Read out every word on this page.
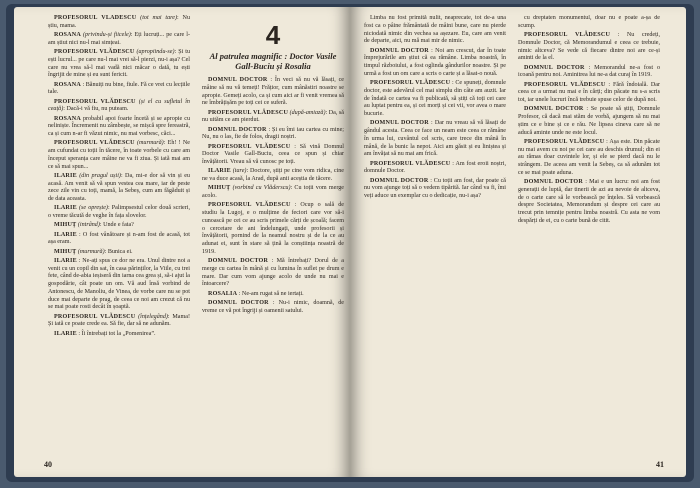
PROFESORUL VLĂDESCU (tot mai tare): Nu știu, mama.

ROSANA (privindu-și fiicele): Eți lucruți... pe care l-am știut nici nu-l mai simțeai.

PROFESORUL VLĂDESCU (apropiindu-se): Și tu ești lucrul... pe care nu-l mai vrei să-l pierzi, nu-i așa? Cel care nu vrea să-l mai vadă nici măcar o dată, tu ești îngrijit de mine și eu sunt fericit.

ROSANA : Bănuiți nu bine, fiule. Fă ce vrei cu lecțiile tale.

PROFESORUL VLĂDESCU (și el cu sufletul în ceață): Dacă-i vă fiu, nu puteam.

ROSANA probabil apoi foarte încetă și se apropie cu neliniște. Încremenit nu zâmbește, se mișcă spre fereastră, ca și cum n-ar fi văzut nimic, nu mai vorbesc, căci...

PROFESORUL VLĂDESCU (murmură): Eh! ! Ne am cufundat cu toții în tăcere, în toate vorbele cu care am început speranța care mâine ne va fi ziua. Și iată mai am ce să mai spun...

ILARIE (din pragul ușii): Da, mi-e dor să vin și eu acasă. Am venit să vă spun vestea cea mare, iar de peste zece zile vin cu toți, mamă, la Sebeș, cum am făgăduit și de data aceasta.

ILARIE (se oprește): Palimpsestul celor două scrieri, o vreme tăcută de veghe în fața slovelor.

MIHUȚ (intrând): Unde e fata?

ILARIE : O fost vânătoare și n-am fost de acasă, tot așa eram.

MIHUȚ (murmură): Bunica ei.

ILARIE : Ne-ați spus ce dor ne era. Unul dintre noi a venit cu un copil din sat, în casa părinților, la Viile, cu trei fete, când de-abia ieșiseră din iarna cea grea și, să-i ajut la gospodărie, cât poate un om. Vă aud însă vorbind de Antonescu, de Manoliu, de Vinea, de vorbe care nu se pot duce mai departe de prag, de ceea ce noi am crezut că nu se mai poate rosti decât în șoaptă.

PROFESORUL VLĂDESCU (înțelegând): Mama! Și iată ce poate crede ea. Să fie, dar să ne adunăm.

ILARIE : Îi întrebați tot la „Pomenirea”.

4
Al patrulea magnific : Doctor Vasile Gall-Buciu și Rosalia

DOMNUL DOCTOR : În veci să nu vă lăsați, ce mâine să nu vă temeți! Frățior, cum mânăstiri noastre se apropie. Gemeți acolo, ca și cum aici ar fi venit vremea să ne îmbrățișăm pe toți cei ce suferă.

PROFESORUL VLĂDESCU (după-amiază): Da, să nu uităm ce am pierdut.

DOMNUL DOCTOR : Și eu îmi iau cartea cu mine; Nu, nu o las, fie de folos, dragii noștri.

PROFESORUL VLĂDESCU : Să vină Domnul Doctor Vasile Gall-Buciu, ceea ce spun și chiar învățătorii. Vreau să vă cunosc pe toți.

ILARIE (tare): Doctore, știți pe cine vom ridica, cine ne va duce acasă, la Arad, după anii aceștia de tăcere.

MIHUȚ (vorbind cu Vlăderscu): Cu toții vom merge acolo.

PROFESORUL VLĂDESCU : Ocup o sală de studiu la Lugoj, e o mulțime de feciori care vor să-i cunoască pe cei ce au scris primele cărți de școală; facem o cercetare de ani îndelungați, unde profesorii și învățătorii, pornind de la neamul nostru și de la ce au adunat ei, sunt în stare să țină la conștiința noastră de 1919.

DOMNUL DOCTOR : Mă întrebați? Dorul de a merge cu cartea în mână și cu lumina în suflet pe drum e mare. Dar cum vom ajunge acolo de unde nu mai e întoarcere?

ROSALIA : Ne-am rugat să ne iertați.

DOMNUL DOCTOR : Nu-i nimic, doamnă, de vreme ce vă pot îngriji și oamenii satului.

40

Limba nu fost primită nulit, neaprecate, tot de-a una fost ca o pâine frământată de mâini bune, care nu pierde niciodată nimic din vechea sa așezare. Eu, care am venit de departe, aici, nu mă mai mir de nimic.

DOMNUL DOCTOR : Noi am crescut, dar în toate împrejurările am știut că ea rămâne. Limba noastră, în timpul războiului, a fost oglinda gândurilor noastre. Și pe urmă a fost un om care a scris o carte și a lăsat-o nouă.

PROFESORUL VLĂDESCU : Ce spuneți, domnule doctor, este adevărul cel mai simplu din câte am auzit. Iar de îndată ce cartea va fi publicată, să știți că toți cei care au luptat pentru ea, și cei morți și cei vii, vor avea o mare bucurie.

DOMNUL DOCTOR : Dar nu vreau să vă lăsați de gândul acesta. Ceea ce face un neam este ceea ce rămâne în urma lui, cuvântul cel scris, care trece din mână în mână, de la bunic la nepot. Aici am găsit și eu liniștea și am învățat să nu mai am frică.

PROFESORUL VLĂDESCU : Am fost eroii noștri, domnule Doctor.

DOMNUL DOCTOR : Cu toții am fost, dar poate că nu vom ajunge toți să o vedem tipărită. Iar când va fi, îmi veți aduce un exemplar cu o dedicație, nu-i așa?

cu dreptaten monumentul, doar nu e poate a-șa de scump.

PROFESORUL VLĂDESCU : Nu credeți, Domnule Doctor, că Memorandumul e ceea ce trebuie, nimic altceva? Se vede că fiecare dintre noi are ce-și aminti de la el.

DOMNUL DOCTOR : Memorandul ne-a fost o icoană pentru noi. Aminitrea lui ne-a dat curaj în 1919.

PROFESORUL VLĂDESCU : Fără îndoială. Dar ceea ce a urmat nu mai e în cărți; din păcate nu s-a scris tot, iar unele lucruri încă trebuie spuse celor de după noi.

DOMNUL DOCTOR : Se poate să știți, Domnule Profesor, că dacă mai stăm de vorbă, ajungem să nu mai știm ce e bine și ce e rău. Ne lipsea cineva care să ne aducă aminte unde ne este locul.

PROFESORUL VLĂDESCU : Așa este. Din păcate nu mai avem cu noi pe cei care au deschis drumul; din ei au rămas doar cuvintele lor, și ele se pierd dacă nu le strângem. De aceea am venit la Sebeș, ca să adunăm tot ce se mai poate aduna.

DOMNUL DOCTOR : Mai e un lucru: noi am fost generații de luptă, dar tinerii de azi au nevoie de altceva, de o carte care să le vorbească pe înțeles. Să vorbească despre Societatea, Memorandum și despre cei care au trecut prin temnițe pentru limba noastră. Cu asta ne vom despărți de ei, cu o carte bună de citit.

41
